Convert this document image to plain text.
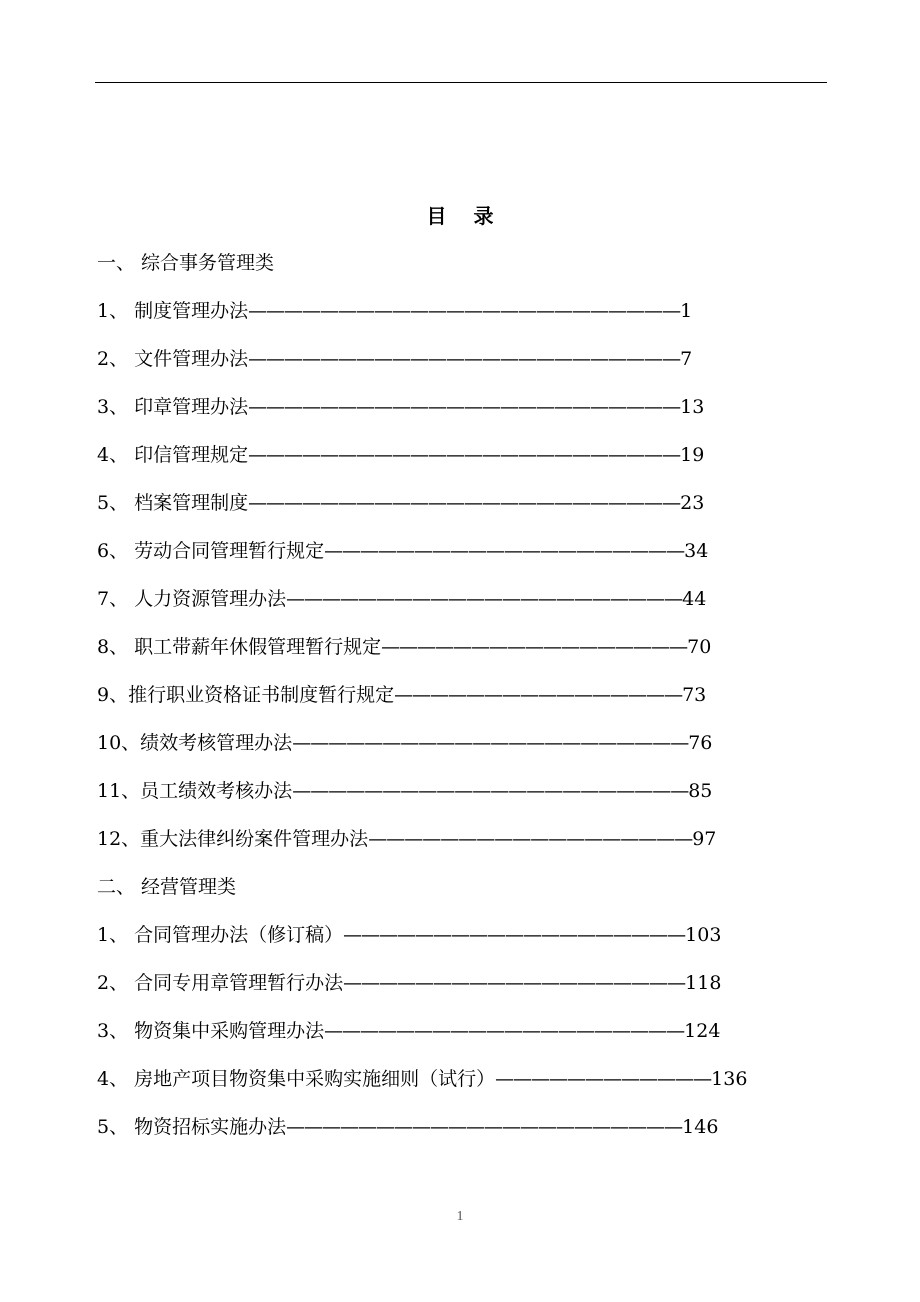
目 录
一、 综合事务管理类
1、 制度管理办法————————————————————————1
2、 文件管理办法————————————————————————7
3、 印章管理办法————————————————————————13
4、 印信管理规定————————————————————————19
5、 档案管理制度————————————————————————23
6、 劳动合同管理暂行规定————————————————————34
7、 人力资源管理办法——————————————————————44
8、 职工带薪年休假管理暂行规定—————————————————70
9、推行职业资格证书制度暂行规定————————————————73
10、绩效考核管理办法——————————————————————76
11、员工绩效考核办法——————————————————————85
12、重大法律纠纷案件管理办法——————————————————97
二、 经营管理类
1、 合同管理办法（修订稿）———————————————————103
2、 合同专用章管理暂行办法———————————————————118
3、 物资集中采购管理办法————————————————————124
4、 房地产项目物资集中采购实施细则（试行）————————————136
5、 物资招标实施办法——————————————————————146
1
